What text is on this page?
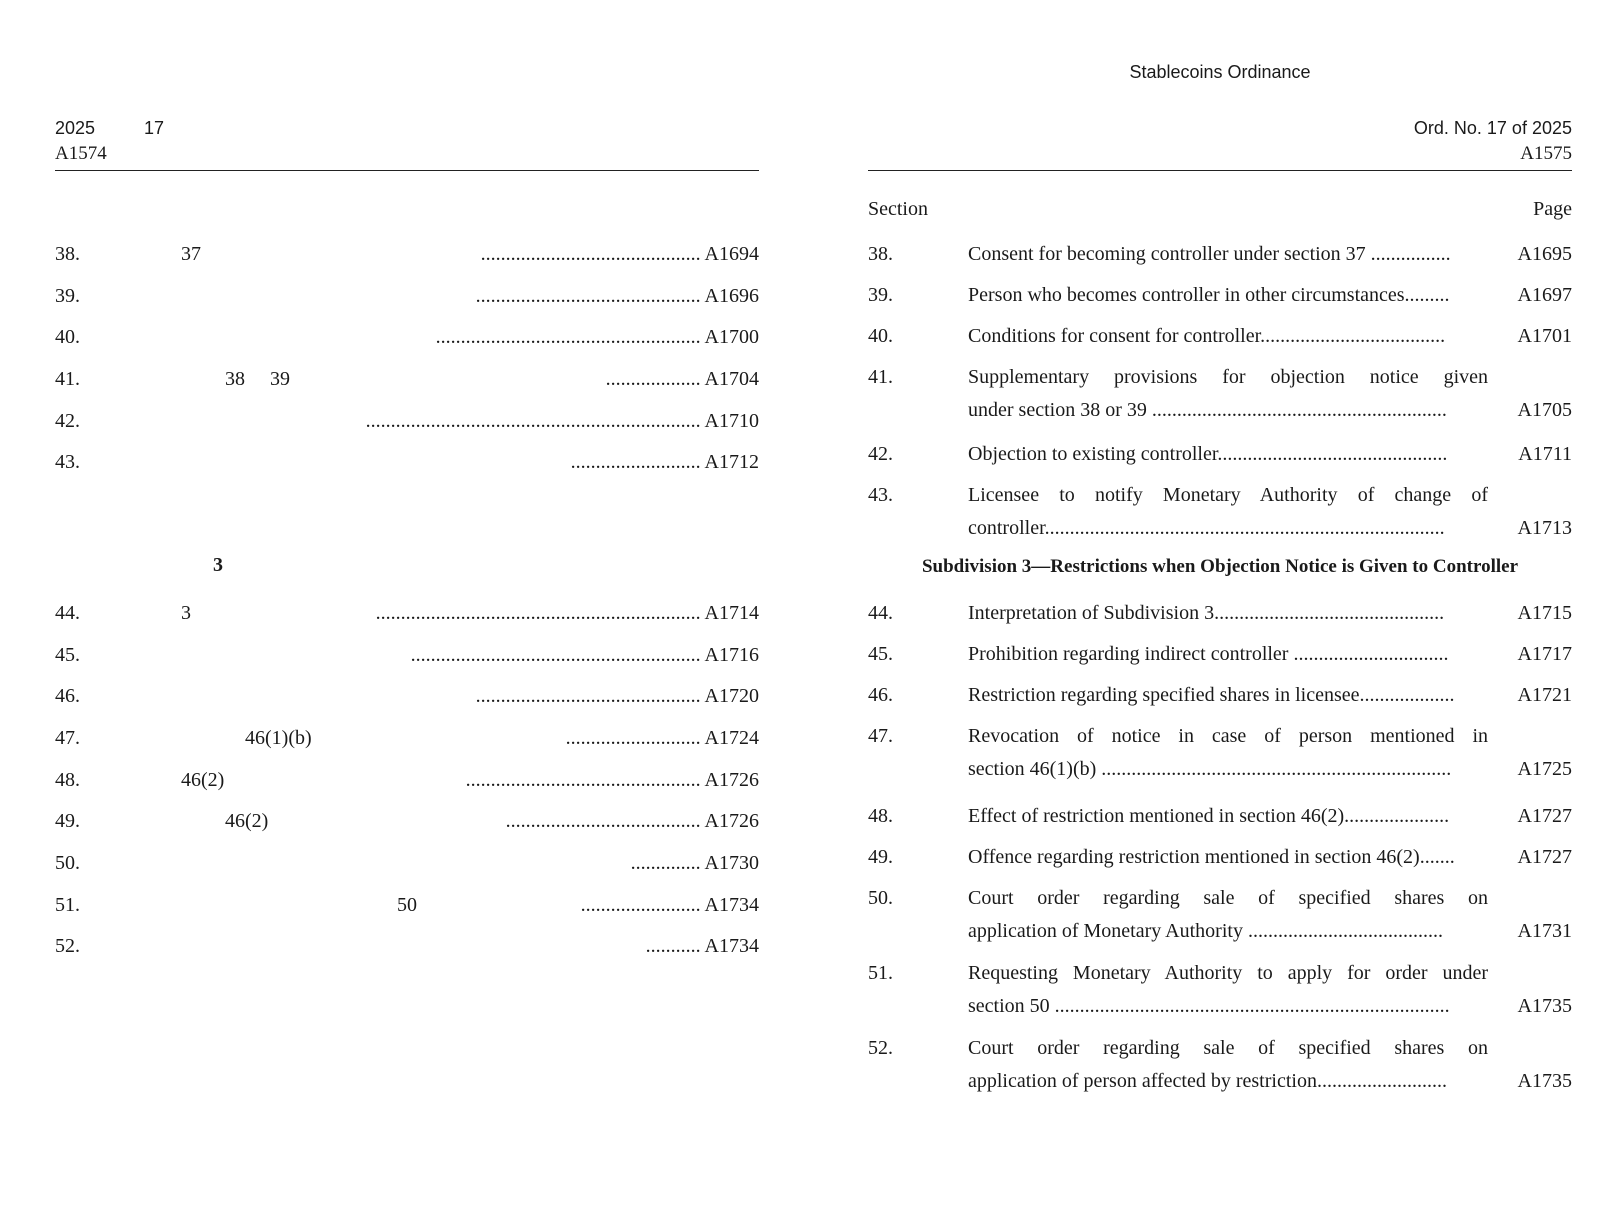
2025	17
A1574
38.	37	............................................ A1694
39.	............................................. A1696
40.	..................................................... A1700
41.	38     39	................... A1704
42.	................................................................... A1710
43.	.......................... A1712
44.	3	................................................................. A1714
45.	.......................................................... A1716
46.	............................................. A1720
47.	46(1)(b)	........................... A1724
48.	46(2)	............................................... A1726
49.	46(2)	....................................... A1726
50.	.............. A1730
51.	50	........................ A1734
52.	........... A1734
3
Stablecoins Ordinance
Ord. No. 17 of 2025
A1575
Section	Page
38.	Consent for becoming controller under section 37 ................	A1695
39.	Person who becomes controller in other circumstances.........	A1697
40.	Conditions for consent for controller.....................................	A1701
41.	Supplementary provisions for objection notice given
under section 38 or 39 ...........................................................	A1705
42.	Objection to existing controller..............................................	A1711
43.	Licensee to notify Monetary Authority of change of
controller................................................................................	A1713
44.	Interpretation of Subdivision 3..............................................	A1715
45.	Prohibition regarding indirect controller ...............................	A1717
46.	Restriction regarding specified shares in licensee...................	A1721
47.	Revocation of notice in case of person mentioned in
section 46(1)(b) ......................................................................	A1725
48.	Effect of restriction mentioned in section 46(2).....................	A1727
49.	Offence regarding restriction mentioned in section 46(2).......	A1727
50.	Court order regarding sale of specified shares on
application of Monetary Authority .......................................	A1731
51.	Requesting Monetary Authority to apply for order under
section 50 ...............................................................................	A1735
52.	Court order regarding sale of specified shares on
application of person affected by restriction..........................	A1735
Subdivision 3—Restrictions when Objection Notice is Given to Controller
